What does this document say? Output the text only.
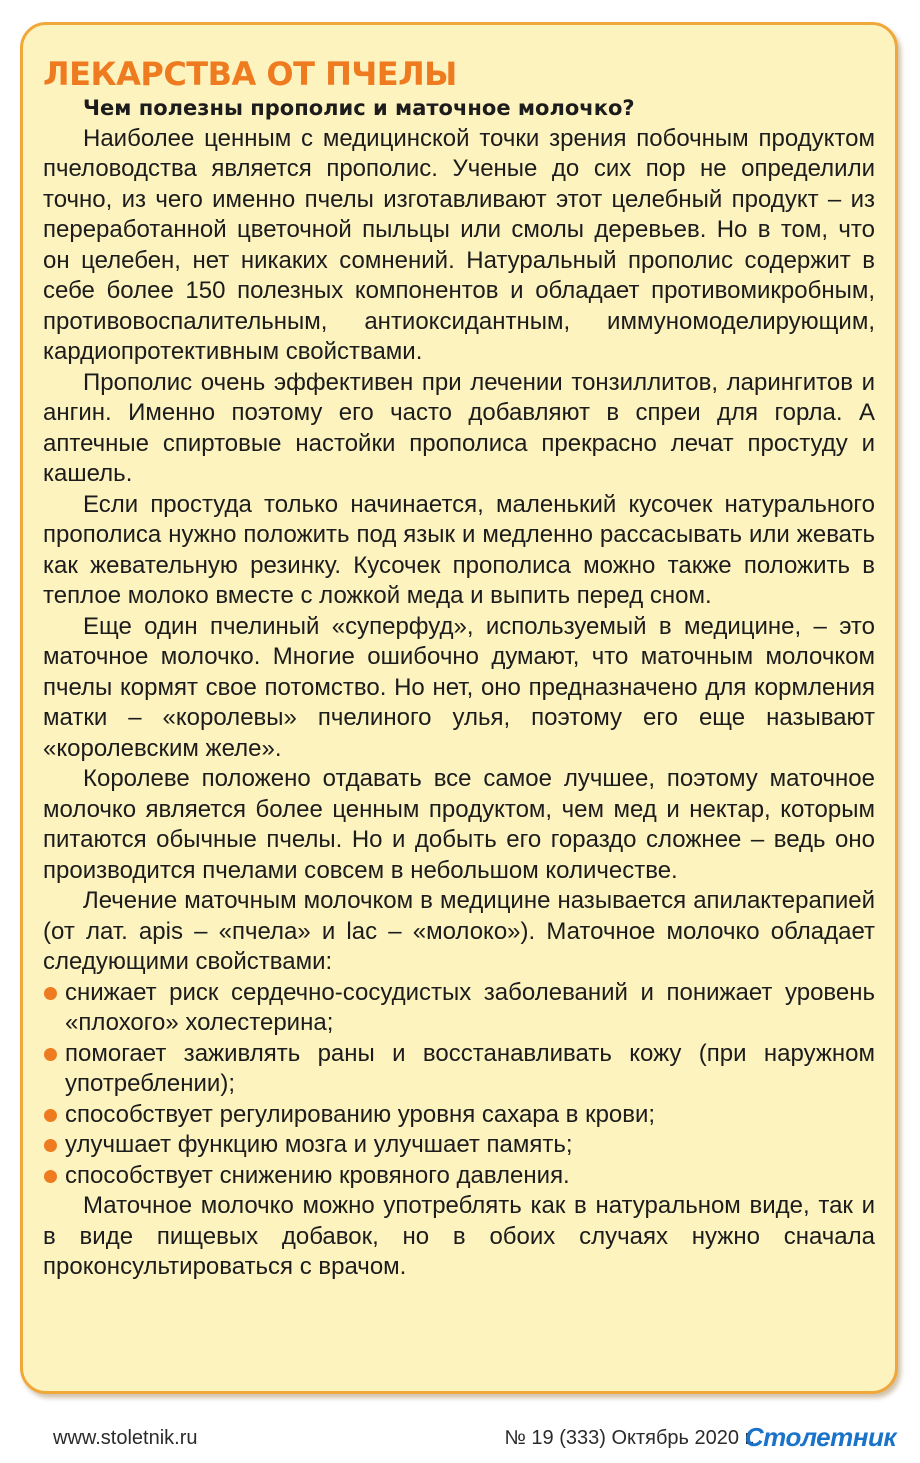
ЛЕКАРСТВА ОТ ПЧЕЛЫ
Чем полезны прополис и маточное молочко?

Наиболее ценным с медицинской точки зрения побочным продуктом пчеловодства является прополис. Ученые до сих пор не определили точно, из чего именно пчелы изготавливают этот целебный продукт – из переработанной цветочной пыльцы или смолы деревьев. Но в том, что он целебен, нет никаких сомнений. Натуральный прополис содержит в себе более 150 полезных компонентов и обладает противомикробным, противовоспалительным, антиоксидантным, иммуномоделирующим, кардиопротективным свойствами.

Прополис очень эффективен при лечении тонзиллитов, ларингитов и ангин. Именно поэтому его часто добавляют в спреи для горла. А аптечные спиртовые настойки прополиса прекрасно лечат простуду и кашель.

Если простуда только начинается, маленький кусочек натурального прополиса нужно положить под язык и медленно рассасывать или жевать как жевательную резинку. Кусочек прополиса можно также положить в теплое молоко вместе с ложкой меда и выпить перед сном.

Еще один пчелиный «суперфуд», используемый в медицине, – это маточное молочко. Многие ошибочно думают, что маточным молочком пчелы кормят свое потомство. Но нет, оно предназначено для кормления матки – «королевы» пчелиного улья, поэтому его еще называют «королевским желе».

Королеве положено отдавать все самое лучшее, поэтому маточное молочко является более ценным продуктом, чем мед и нектар, которым питаются обычные пчелы. Но и добыть его гораздо сложнее – ведь оно производится пчелами совсем в небольшом количестве.

Лечение маточным молочком в медицине называется апилактерапией (от лат. apis – «пчела» и lac – «молоко»). Маточное молочко обладает следующими свойствами:

снижает риск сердечно-сосудистых заболеваний и понижает уровень «плохого» холестерина;
помогает заживлять раны и восстанавливать кожу (при наружном употреблении);
способствует регулированию уровня сахара в крови;
улучшает функцию мозга и улучшает память;
способствует снижению кровяного давления.

Маточное молочко можно употреблять как в натуральном виде, так и в виде пищевых добавок, но в обоих случаях нужно сначала проконсультироваться с врачом.

www.stoletnik.ru	№ 19 (333) Октябрь 2020 г.
Столетник
